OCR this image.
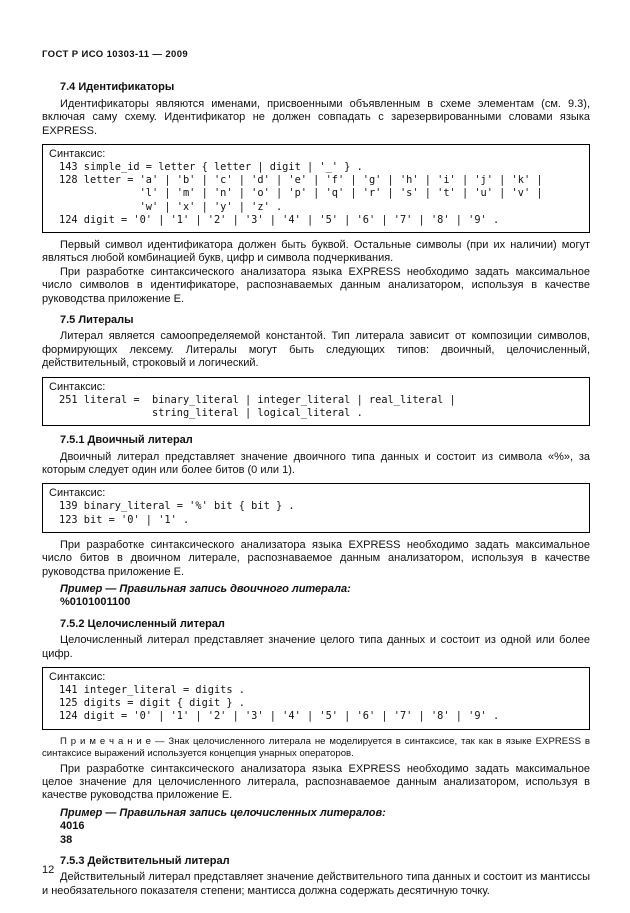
ГОСТ Р ИСО 10303-11 — 2009
7.4 Идентификаторы

Идентификаторы являются именами, присвоенными объявленным в схеме элементам (см. 9.3), включая саму схему. Идентификатор не должен совпадать с зарезервированными словами языка EXPRESS.

Синтаксис:
143 simple_id = letter { letter | digit | '_' } .
128 letter = 'a' | 'b' | 'c' | 'd' | 'e' | 'f' | 'g' | 'h' | 'i' | 'j' | 'k' |
'l' | 'm' | 'n' | 'o' | 'p' | 'q' | 'r' | 's' | 't' | 'u' | 'v' |
'w' | 'x' | 'y' | 'z' .
124 digit = '0' | '1' | '2' | '3' | '4' | '5' | '6' | '7' | '8' | '9' .

Первый символ идентификатора должен быть буквой. Остальные символы (при их наличии) могут являться любой комбинацией букв, цифр и символа подчеркивания.

При разработке синтаксического анализатора языка EXPRESS необходимо задать максимальное число символов в идентификаторе, распознаваемых данным анализатором, используя в качестве руководства приложение Е.

7.5 Литералы

Литерал является самоопределяемой константой. Тип литерала зависит от композиции символов, формирующих лексему. Литералы могут быть следующих типов: двоичный, целочисленный, действительный, строковый и логический.

Синтаксис:
251 literal =  binary_literal | integer_literal | real_literal |
string_literal | logical_literal .
7.5.1 Двоичный литерал

Двоичный литерал представляет значение двоичного типа данных и состоит из символа «%», за которым следует один или более битов (0 или 1).

Синтаксис:
139 binary_literal = '%' bit { bit } .
123 bit = '0' | '1' .

При разработке синтаксического анализатора языка EXPRESS необходимо задать максимальное число битов в двоичном литерале, распознаваемое данным анализатором, используя в качестве руководства приложение Е.

Пример — Правильная запись двоичного литерала:
%0101001100
7.5.2 Целочисленный литерал

Целочисленный литерал представляет значение целого типа данных и состоит из одной или более цифр.

Синтаксис:
141 integer_literal = digits .
125 digits = digit { digit } .
124 digit = '0' | '1' | '2' | '3' | '4' | '5' | '6' | '7' | '8' | '9' .

П р и м е ч а н и е — Знак целочисленного литерала не моделируется в синтаксисе, так как в языке EXPRESS в синтаксисе выражений используется концепция унарных операторов.

При разработке синтаксического анализатора языка EXPRESS необходимо задать максимальное целое значение для целочисленного литерала, распознаваемое данным анализатором, используя в качестве руководства приложение Е.

Пример — Правильная запись целочисленных литералов:
4016
38
7.5.3 Действительный литерал

Действительный литерал представляет значение действительного типа данных и состоит из мантиссы и необязательного показателя степени; мантисса должна содержать десятичную точку.

12
